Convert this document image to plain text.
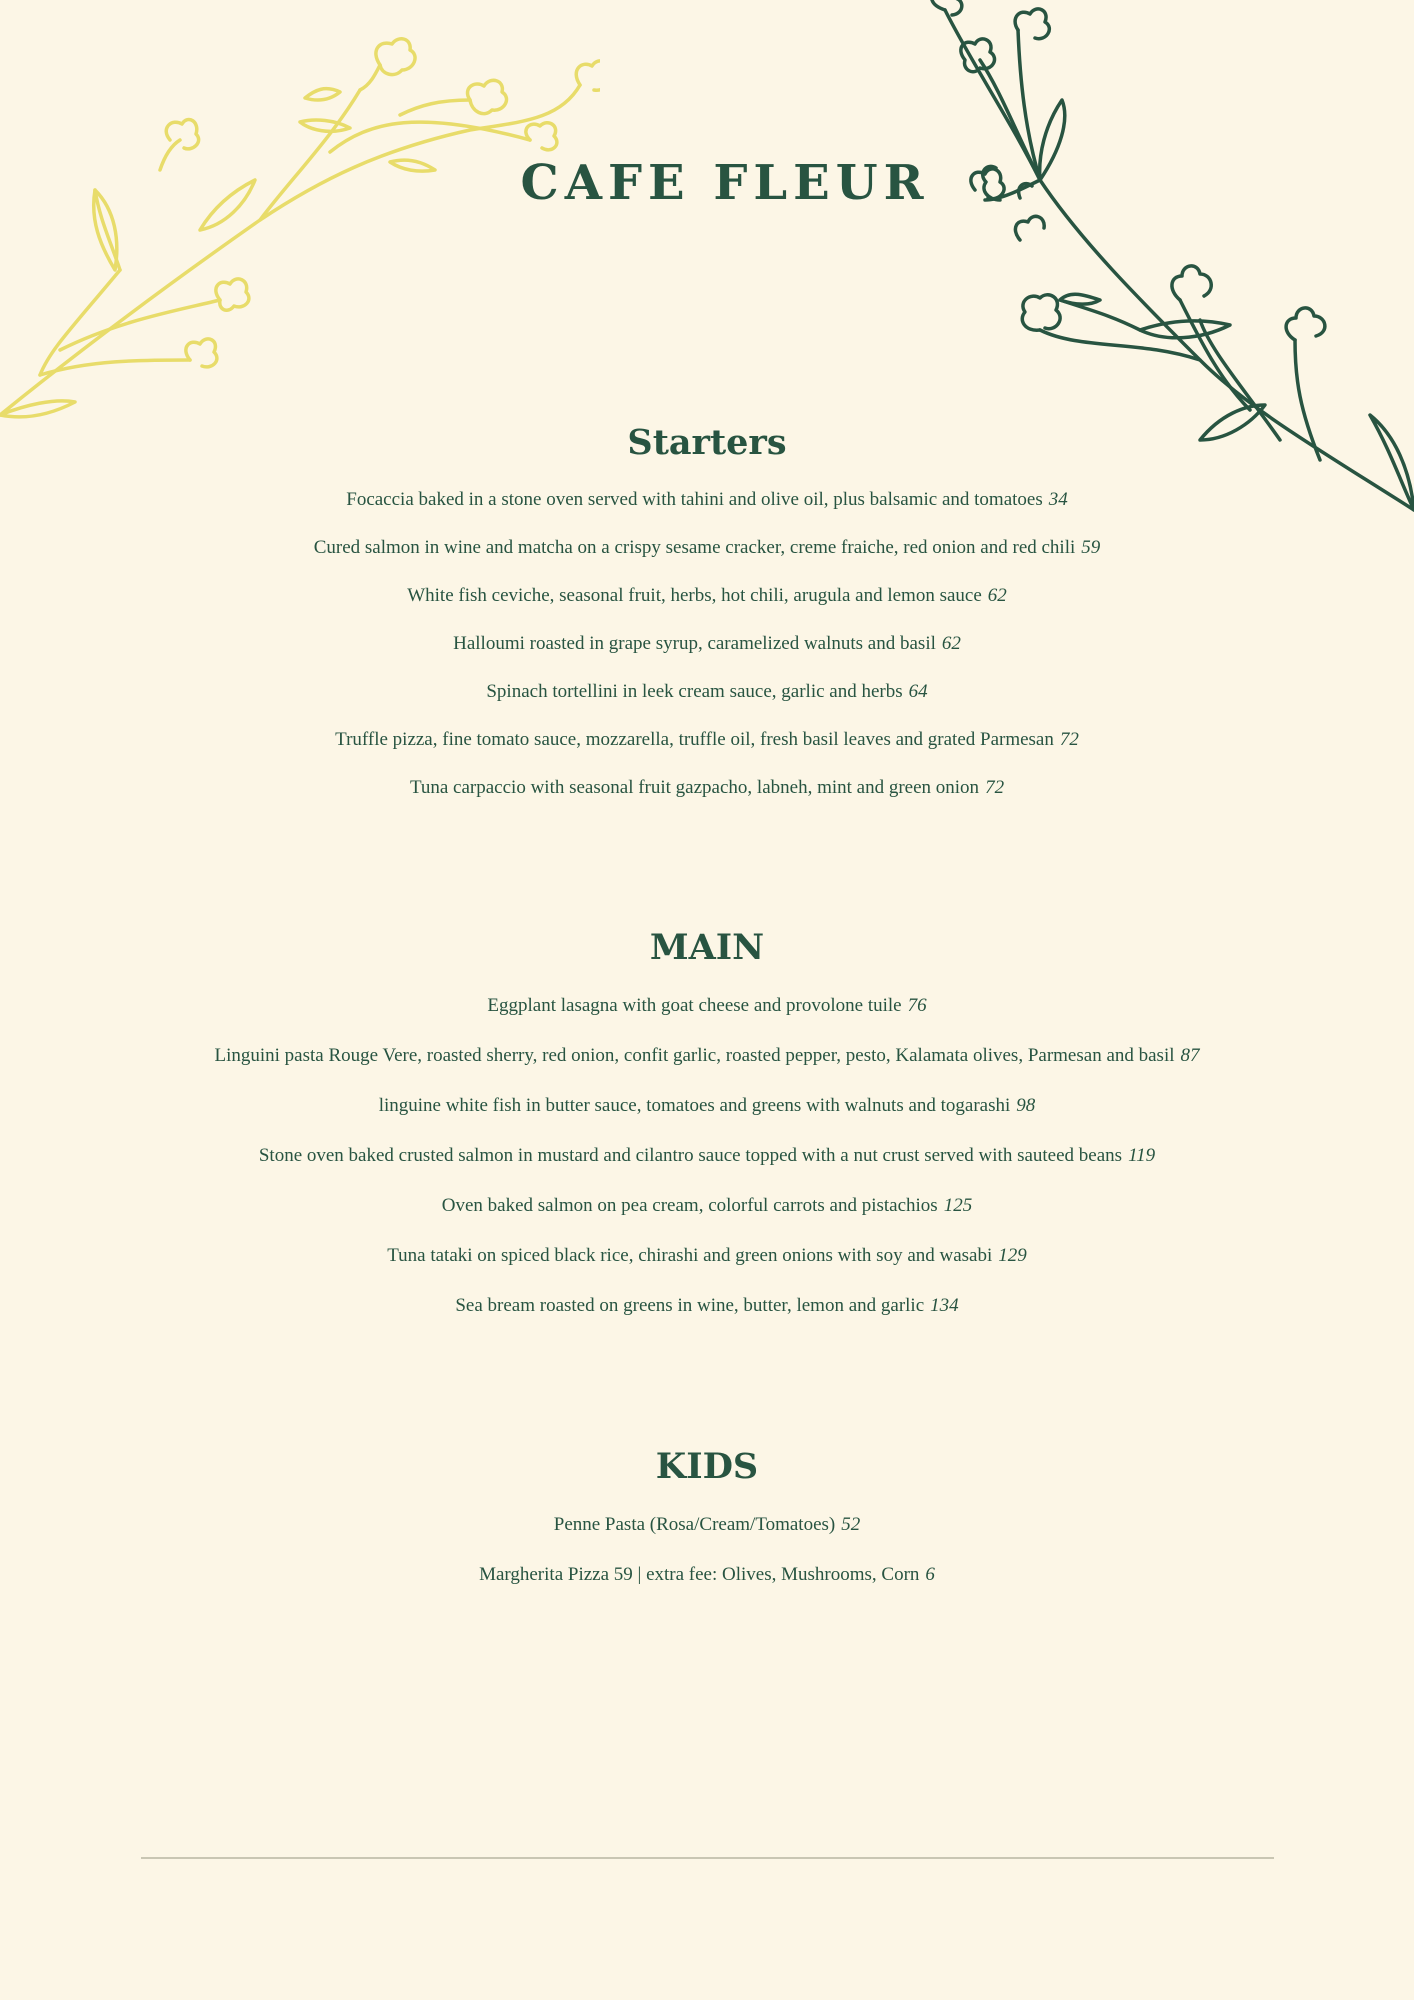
CAFE FLEUR
Starters
Focaccia baked in a stone oven served with tahini and olive oil, plus balsamic and tomatoes 34
Cured salmon in wine and matcha on a crispy sesame cracker, creme fraiche, red onion and red chili 59
White fish ceviche, seasonal fruit, herbs, hot chili, arugula and lemon sauce 62
Halloumi roasted in grape syrup, caramelized walnuts and basil 62
Spinach tortellini in leek cream sauce, garlic and herbs 64
Truffle pizza, fine tomato sauce, mozzarella, truffle oil, fresh basil leaves and grated Parmesan 72
Tuna carpaccio with seasonal fruit gazpacho, labneh, mint and green onion 72
MAIN
Eggplant lasagna with goat cheese and provolone tuile 76
Linguini pasta Rouge Vere, roasted sherry, red onion, confit garlic, roasted pepper, pesto, Kalamata olives, Parmesan and basil 87
linguine white fish in butter sauce, tomatoes and greens with walnuts and togarashi 98
Stone oven baked crusted salmon in mustard and cilantro sauce topped with a nut crust served with sauteed beans 119
Oven baked salmon on pea cream, colorful carrots and pistachios 125
Tuna tataki on spiced black rice, chirashi and green onions with soy and wasabi 129
Sea bream roasted on greens in wine, butter, lemon and garlic 134
KIDS
Penne Pasta (Rosa/Cream/Tomatoes) 52
Margherita Pizza 59 | extra fee: Olives, Mushrooms, Corn 6
